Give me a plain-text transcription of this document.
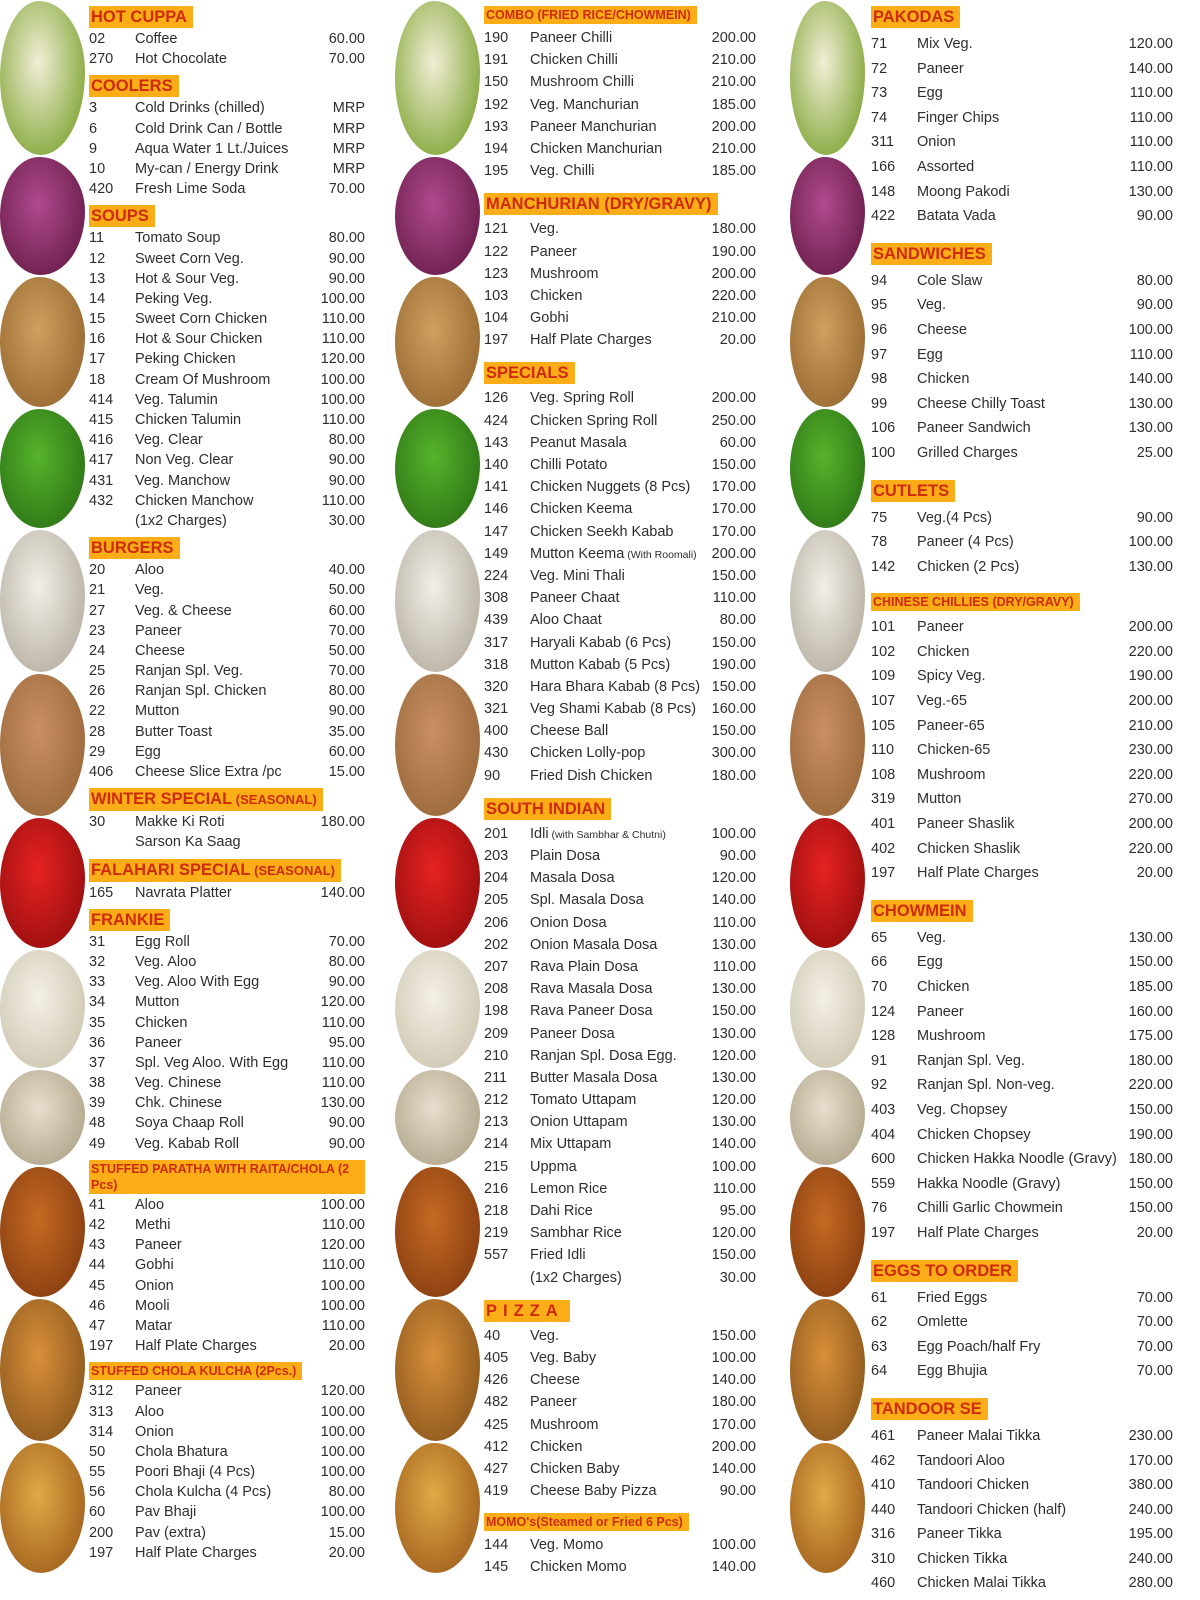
HOT CUPPA
02	Coffee	60.00
270	Hot Chocolate	70.00
COOLERS
3	Cold Drinks (chilled)	MRP
6	Cold Drink Can / Bottle	MRP
9	Aqua Water 1 Lt./Juices	MRP
10	My-can / Energy Drink	MRP
420	Fresh Lime Soda	70.00
SOUPS
11	Tomato Soup	80.00
12	Sweet Corn Veg.	90.00
13	Hot & Sour Veg.	90.00
14	Peking Veg.	100.00
15	Sweet Corn Chicken	110.00
16	Hot & Sour Chicken	110.00
17	Peking Chicken	120.00
18	Cream Of Mushroom	100.00
414	Veg. Talumin	100.00
415	Chicken Talumin	110.00
416	Veg. Clear	80.00
417	Non Veg. Clear	90.00
431	Veg. Manchow	90.00
432	Chicken Manchow	110.00
(1x2 Charges)	30.00
BURGERS
20	Aloo	40.00
21	Veg.	50.00
27	Veg. & Cheese	60.00
23	Paneer	70.00
24	Cheese	50.00
25	Ranjan Spl. Veg.	70.00
26	Ranjan Spl. Chicken	80.00
22	Mutton	90.00
28	Butter Toast	35.00
29	Egg	60.00
406	Cheese Slice Extra /pc	15.00
WINTER SPECIAL (SEASONAL)
30	Makke Ki Roti	180.00
Sarson Ka Saag
FALAHARI SPECIAL (SEASONAL)
165	Navrata Platter	140.00
FRANKIE
31	Egg Roll	70.00
32	Veg. Aloo	80.00
33	Veg. Aloo With Egg	90.00
34	Mutton	120.00
35	Chicken	110.00
36	Paneer	95.00
37	Spl. Veg Aloo. With Egg	110.00
38	Veg. Chinese	110.00
39	Chk. Chinese	130.00
48	Soya Chaap Roll	90.00
49	Veg. Kabab Roll	90.00
STUFFED PARATHA WITH RAITA/CHOLA (2 Pcs)
41	Aloo	100.00
42	Methi	110.00
43	Paneer	120.00
44	Gobhi	110.00
45	Onion	100.00
46	Mooli	100.00
47	Matar	110.00
197	Half Plate Charges	20.00
STUFFED CHOLA KULCHA (2Pcs.)
312	Paneer	120.00
313	Aloo	100.00
314	Onion	100.00
50	Chola Bhatura	100.00
55	Poori Bhaji (4 Pcs)	100.00
56	Chola Kulcha (4 Pcs)	80.00
60	Pav Bhaji	100.00
200	Pav (extra)	15.00
197	Half Plate Charges	20.00
COMBO (FRIED RICE/CHOWMEIN)
190	Paneer Chilli	200.00
191	Chicken Chilli	210.00
150	Mushroom Chilli	210.00
192	Veg. Manchurian	185.00
193	Paneer Manchurian	200.00
194	Chicken Manchurian	210.00
195	Veg. Chilli	185.00
MANCHURIAN (DRY/GRAVY)
121	Veg.	180.00
122	Paneer	190.00
123	Mushroom	200.00
103	Chicken	220.00
104	Gobhi	210.00
197	Half Plate Charges	20.00
SPECIALS
126	Veg. Spring Roll	200.00
424	Chicken Spring Roll	250.00
143	Peanut Masala	60.00
140	Chilli Potato	150.00
141	Chicken Nuggets (8 Pcs)	170.00
146	Chicken Keema	170.00
147	Chicken Seekh Kabab	170.00
149	Mutton Keema (With Roomali)	200.00
224	Veg. Mini Thali	150.00
308	Paneer Chaat	110.00
439	Aloo Chaat	80.00
317	Haryali Kabab (6 Pcs)	150.00
318	Mutton Kabab (5 Pcs)	190.00
320	Hara Bhara Kabab (8 Pcs) 150.00
321	Veg Shami Kabab (8 Pcs)	160.00
400	Cheese Ball	150.00
430	Chicken Lolly-pop	300.00
90	Fried Dish Chicken	180.00
SOUTH INDIAN
201	Idli (with Sambhar & Chutni)	100.00
203	Plain Dosa	90.00
204	Masala Dosa	120.00
205	Spl. Masala Dosa	140.00
206	Onion Dosa	110.00
202	Onion Masala Dosa	130.00
207	Rava Plain Dosa	110.00
208	Rava Masala Dosa	130.00
198	Rava Paneer Dosa	150.00
209	Paneer Dosa	130.00
210	Ranjan Spl. Dosa Egg.	120.00
211	Butter Masala Dosa	130.00
212	Tomato Uttapam	120.00
213	Onion Uttapam	130.00
214	Mix Uttapam	140.00
215	Uppma	100.00
216	Lemon Rice	110.00
218	Dahi Rice	95.00
219	Sambhar Rice	120.00
557	Fried Idli	150.00
(1x2 Charges)	30.00
PIZZA
40	Veg.	150.00
405	Veg. Baby	100.00
426	Cheese	140.00
482	Paneer	180.00
425	Mushroom	170.00
412	Chicken	200.00
427	Chicken Baby	140.00
419	Cheese Baby Pizza	90.00
MOMO's(Steamed or Fried 6 Pcs)
144	Veg. Momo	100.00
145	Chicken Momo	140.00
PAKODAS
71	Mix Veg.	120.00
72	Paneer	140.00
73	Egg	110.00
74	Finger Chips	110.00
311	Onion	110.00
166	Assorted	110.00
148	Moong Pakodi	130.00
422	Batata Vada	90.00
SANDWICHES
94	Cole Slaw	80.00
95	Veg.	90.00
96	Cheese	100.00
97	Egg	110.00
98	Chicken	140.00
99	Cheese Chilly Toast	130.00
106	Paneer Sandwich	130.00
100	Grilled Charges	25.00
CUTLETS
75	Veg.(4 Pcs)	90.00
78	Paneer (4 Pcs)	100.00
142	Chicken (2 Pcs)	130.00
CHINESE CHILLIES (DRY/GRAVY)
101	Paneer	200.00
102	Chicken	220.00
109	Spicy Veg.	190.00
107	Veg.-65	200.00
105	Paneer-65	210.00
110	Chicken-65	230.00
108	Mushroom	220.00
319	Mutton	270.00
401	Paneer Shaslik	200.00
402	Chicken Shaslik	220.00
197	Half Plate Charges	20.00
CHOWMEIN
65	Veg.	130.00
66	Egg	150.00
70	Chicken	185.00
124	Paneer	160.00
128	Mushroom	175.00
91	Ranjan Spl. Veg.	180.00
92	Ranjan Spl. Non-veg.	220.00
403	Veg. Chopsey	150.00
404	Chicken Chopsey	190.00
600	Chicken Hakka Noodle (Gravy) 180.00
559	Hakka Noodle (Gravy)	150.00
76	Chilli Garlic Chowmein	150.00
197	Half Plate Charges	20.00
EGGS TO ORDER
61	Fried Eggs	70.00
62	Omlette	70.00
63	Egg Poach/half Fry	70.00
64	Egg Bhujia	70.00
TANDOOR SE
461	Paneer Malai Tikka	230.00
462	Tandoori Aloo	170.00
410	Tandoori Chicken	380.00
440	Tandoori Chicken (half)	240.00
316	Paneer Tikka	195.00
310	Chicken Tikka	240.00
460	Chicken Malai Tikka	280.00
